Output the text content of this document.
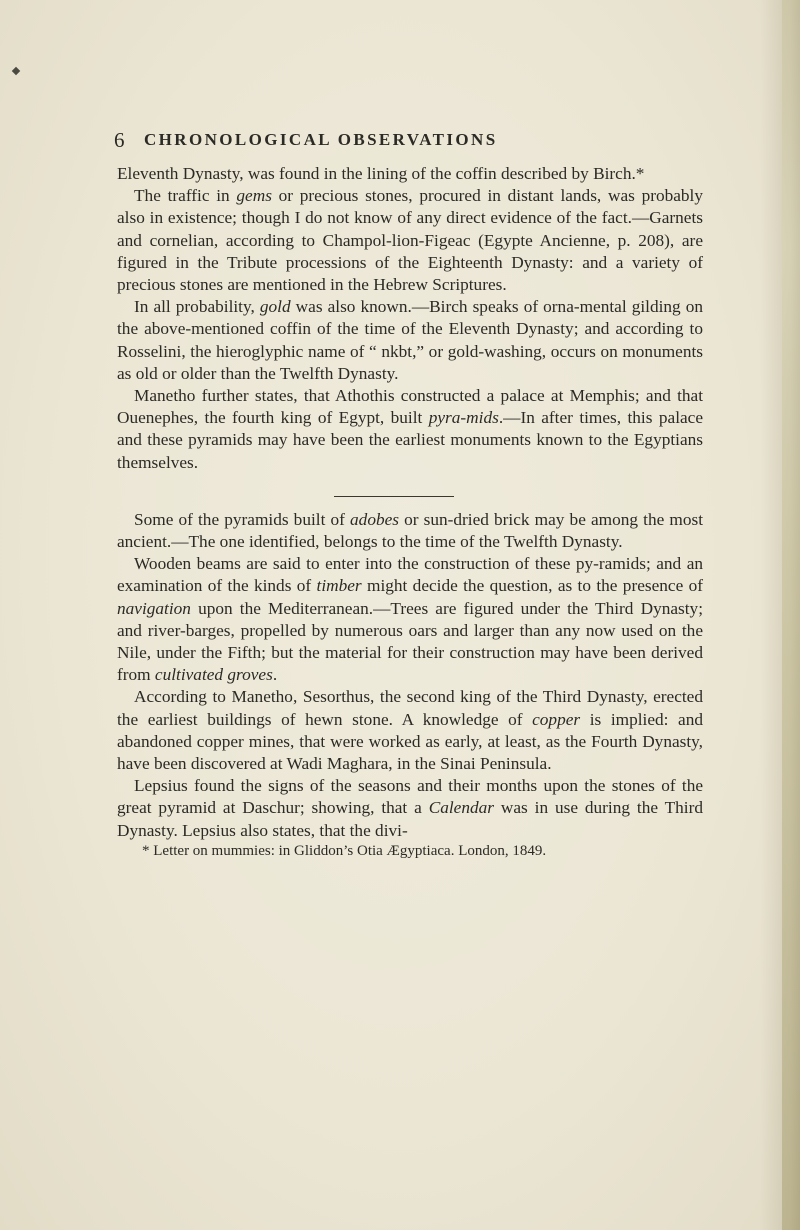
6 CHRONOLOGICAL OBSERVATIONS

Eleventh Dynasty, was found in the lining of the coffin described by Birch.*

The traffic in gems or precious stones, procured in distant lands, was probably also in existence; though I do not know of any direct evidence of the fact.—Garnets and cornelian, according to Champol-lion-Figeac (Egypte Ancienne, p. 208), are figured in the Tribute processions of the Eighteenth Dynasty: and a variety of precious stones are mentioned in the Hebrew Scriptures.

In all probability, gold was also known.—Birch speaks of orna-mental gilding on the above-mentioned coffin of the time of the Eleventh Dynasty; and according to Rosselini, the hieroglyphic name of “ nkbt,” or gold-washing, occurs on monuments as old or older than the Twelfth Dynasty.

Manetho further states, that Athothis constructed a palace at Memphis; and that Ouenephes, the fourth king of Egypt, built pyra-mids.—In after times, this palace and these pyramids may have been the earliest monuments known to the Egyptians themselves.

Some of the pyramids built of adobes or sun-dried brick may be among the most ancient.—The one identified, belongs to the time of the Twelfth Dynasty.

Wooden beams are said to enter into the construction of these py-ramids; and an examination of the kinds of timber might decide the question, as to the presence of navigation upon the Mediterranean.—Trees are figured under the Third Dynasty; and river-barges, propelled by numerous oars and larger than any now used on the Nile, under the Fifth; but the material for their construction may have been derived from cultivated groves.

According to Manetho, Sesorthus, the second king of the Third Dynasty, erected the earliest buildings of hewn stone. A knowledge of copper is implied: and abandoned copper mines, that were worked as early, at least, as the Fourth Dynasty, have been discovered at Wadi Maghara, in the Sinai Peninsula.

Lepsius found the signs of the seasons and their months upon the stones of the great pyramid at Daschur; showing, that a Calendar was in use during the Third Dynasty. Lepsius also states, that the divi-

* Letter on mummies: in Gliddon’s Otia Ægyptiaca. London, 1849.
